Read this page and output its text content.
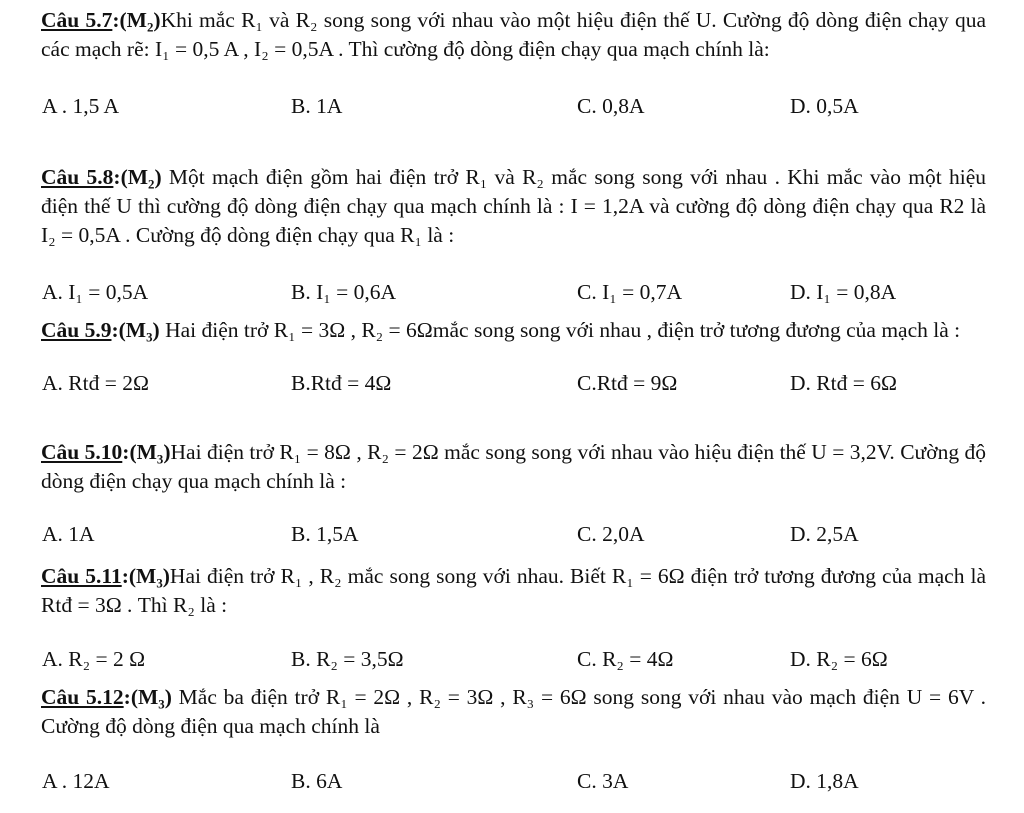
Câu 5.7:(M₂)Khi mắc R₁ và R₂ song song với nhau vào một hiệu điện thế U. Cường độ dòng điện chạy qua các mạch rẽ: I₁ = 0,5 A , I₂ = 0,5A . Thì cường độ dòng điện chạy qua mạch chính là:

A . 1,5 A	B. 1A	C. 0,8A	D. 0,5A

Câu 5.8:(M₂) Một mạch điện gồm hai điện trở R₁ và R₂ mắc song song với nhau . Khi mắc vào một hiệu điện thế U thì cường độ dòng điện chạy qua mạch chính là : I = 1,2A và cường độ dòng điện chạy qua R2 là I₂ = 0,5A . Cường độ dòng điện chạy qua R₁ là :

A. I₁ = 0,5A	B. I₁ = 0,6A	C. I₁ = 0,7A	D. I₁ = 0,8A

Câu 5.9:(M₃) Hai điện trở R₁ = 3Ω , R₂ = 6Ωmắc song song với nhau , điện trở tương đương của mạch là :

A. Rtđ = 2Ω	B.Rtđ = 4Ω	C.Rtđ = 9Ω	D. Rtđ = 6Ω

Câu 5.10:(M₃)Hai điện trở R₁ = 8Ω , R₂ = 2Ω mắc song song với nhau vào hiệu điện thế U = 3,2V. Cường độ dòng điện chạy qua mạch chính là :

A. 1A	B. 1,5A	C. 2,0A	D. 2,5A

Câu 5.11:(M₃)Hai điện trở R₁ , R₂ mắc song song với nhau. Biết R₁ = 6Ω điện trở tương đương của mạch là Rtđ = 3Ω . Thì R₂ là :

A. R₂ = 2 Ω	B. R₂ = 3,5Ω	C. R₂ = 4Ω	D. R₂ = 6Ω

Câu 5.12:(M₃) Mắc ba điện trở R₁ = 2Ω , R₂ = 3Ω , R₃ = 6Ω song song với nhau vào mạch điện U = 6V . Cường độ dòng điện qua mạch chính là

A . 12A	B. 6A	C. 3A	D. 1,8A
